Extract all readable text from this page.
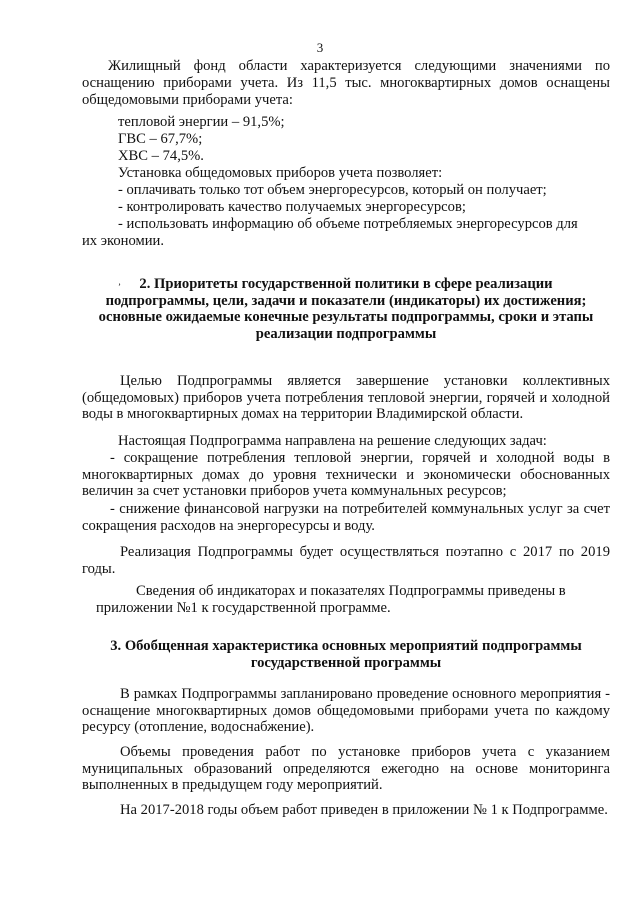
3

Жилищный фонд области характеризуется следующими значениями по

оснащению приборами учета. Из 11,5 тыс. многоквартирных домов оснащены общедомовыми приборами учета:

тепловой энергии – 91,5%;

ГВС – 67,7%;

ХВС – 74,5%.

Установка общедомовых приборов учета позволяет:

- оплачивать только тот объем энергоресурсов, который он получает;

- контролировать качество получаемых энергоресурсов;

- использовать информацию об объеме потребляемых энергоресурсов для

их экономии.

ʼ	2. Приоритеты государственной политики в сфере реализации подпрограммы, цели, задачи и показатели (индикаторы) их достижения; основные ожидаемые конечные результаты подпрограммы, сроки и этапы реализации подпрограммы

Целью Подпрограммы является завершение установки коллективных (общедомовых) приборов учета потребления тепловой энергии, горячей и холодной воды в многоквартирных домах на территории Владимирской области.

Настоящая Подпрограмма направлена на решение следующих задач:

- сокращение потребления тепловой энергии, горячей и холодной воды в многоквартирных домах до уровня технически и экономически обоснованных величин за счет установки приборов учета коммунальных ресурсов;

- снижение финансовой нагрузки на потребителей коммунальных услуг за счет сокращения расходов на энергоресурсы и воду.

Реализация Подпрограммы будет осуществляться поэтапно с 2017 по 2019 годы.

Сведения об индикаторах и показателях Подпрограммы приведены в

приложении №1 к государственной программе.

3. Обобщенная характеристика основных мероприятий подпрограммы государственной программы

В рамках Подпрограммы запланировано проведение основного мероприятия - оснащение многоквартирных домов общедомовыми приборами учета по каждому ресурсу (отопление, водоснабжение).

Объемы проведения работ по установке приборов учета с указанием муниципальных образований определяются ежегодно на основе мониторинга выполненных в предыдущем году мероприятий.

На 2017-2018 годы объем работ приведен в приложении № 1 к Подпрограмме.
